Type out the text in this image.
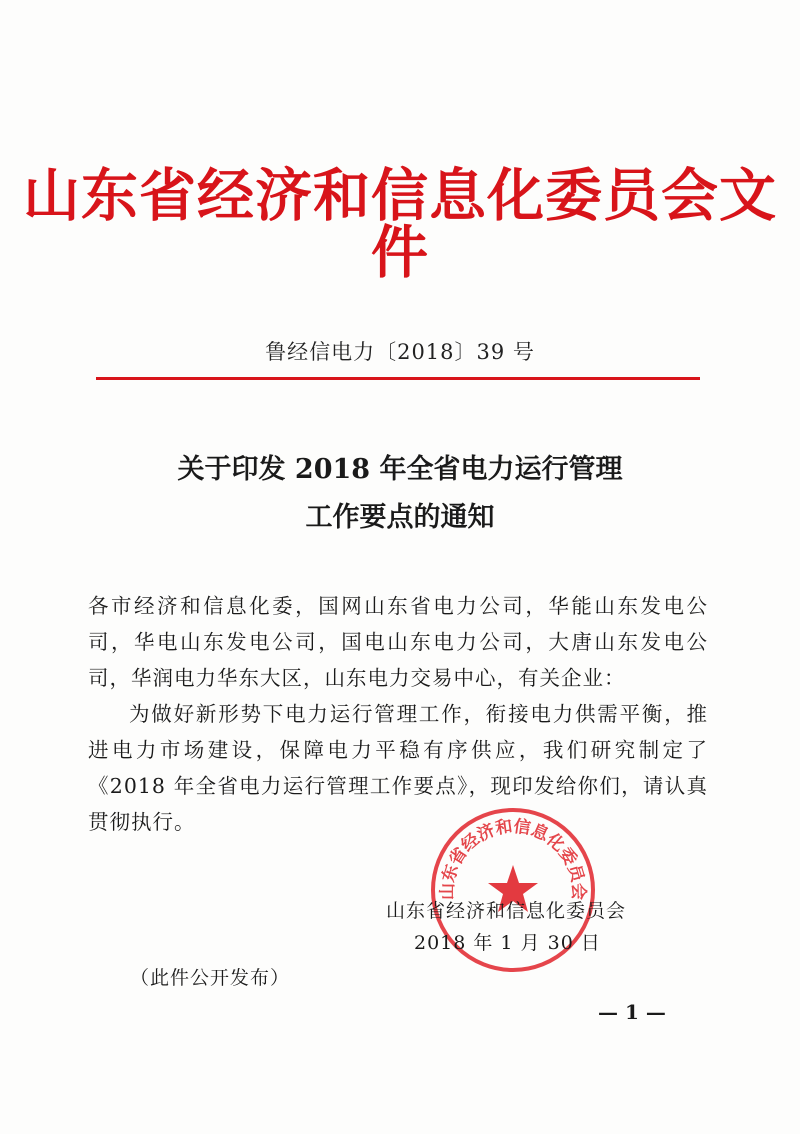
山东省经济和信息化委员会文件
鲁经信电力〔2018〕39 号
关于印发 2018 年全省电力运行管理
工作要点的通知
各市经济和信息化委，国网山东省电力公司，华能山东发电公司，华电山东发电公司，国电山东电力公司，大唐山东发电公司，华润电力华东大区，山东电力交易中心，有关企业：
为做好新形势下电力运行管理工作，衔接电力供需平衡，推进电力市场建设，保障电力平稳有序供应，我们研究制定了《2018 年全省电力运行管理工作要点》，现印发给你们，请认真贯彻执行。
山东省经济和信息化委员会
山东省经济和信息化委员会
2018 年 1 月 30 日
（此件公开发布）
— 1 —
